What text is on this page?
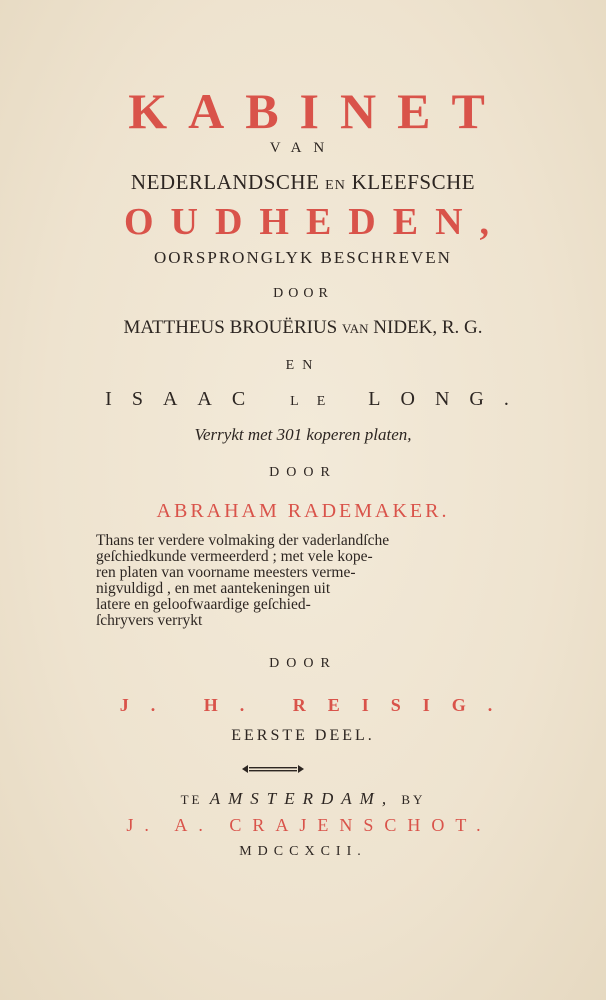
KABINET
VAN
NEDERLANDSCHE EN KLEEFSCHE
OUDHEDEN,
OORSPRONGLYK BESCHREVEN
DOOR
MATTHEUS BROUËRIUS VAN NIDEK, R. G.
EN
ISAAC LE LONG.
Verrykt met 301 koperen platen,
DOOR
ABRAHAM RADEMAKER.
Thans ter verdere volmaking der vaderlandſche
geſchiedkunde vermeerderd ; met vele kope-
ren platen van voorname meesters verme-
nigvuldigd , en met aantekeningen uit
latere en geloofwaardige geſchied-
ſchryvers verrykt
DOOR
J. H. REISIG.
EERSTE DEEL.
TE AMSTERDAM, BY
J. A. CRAJENSCHOT.
MDCCXCII.
